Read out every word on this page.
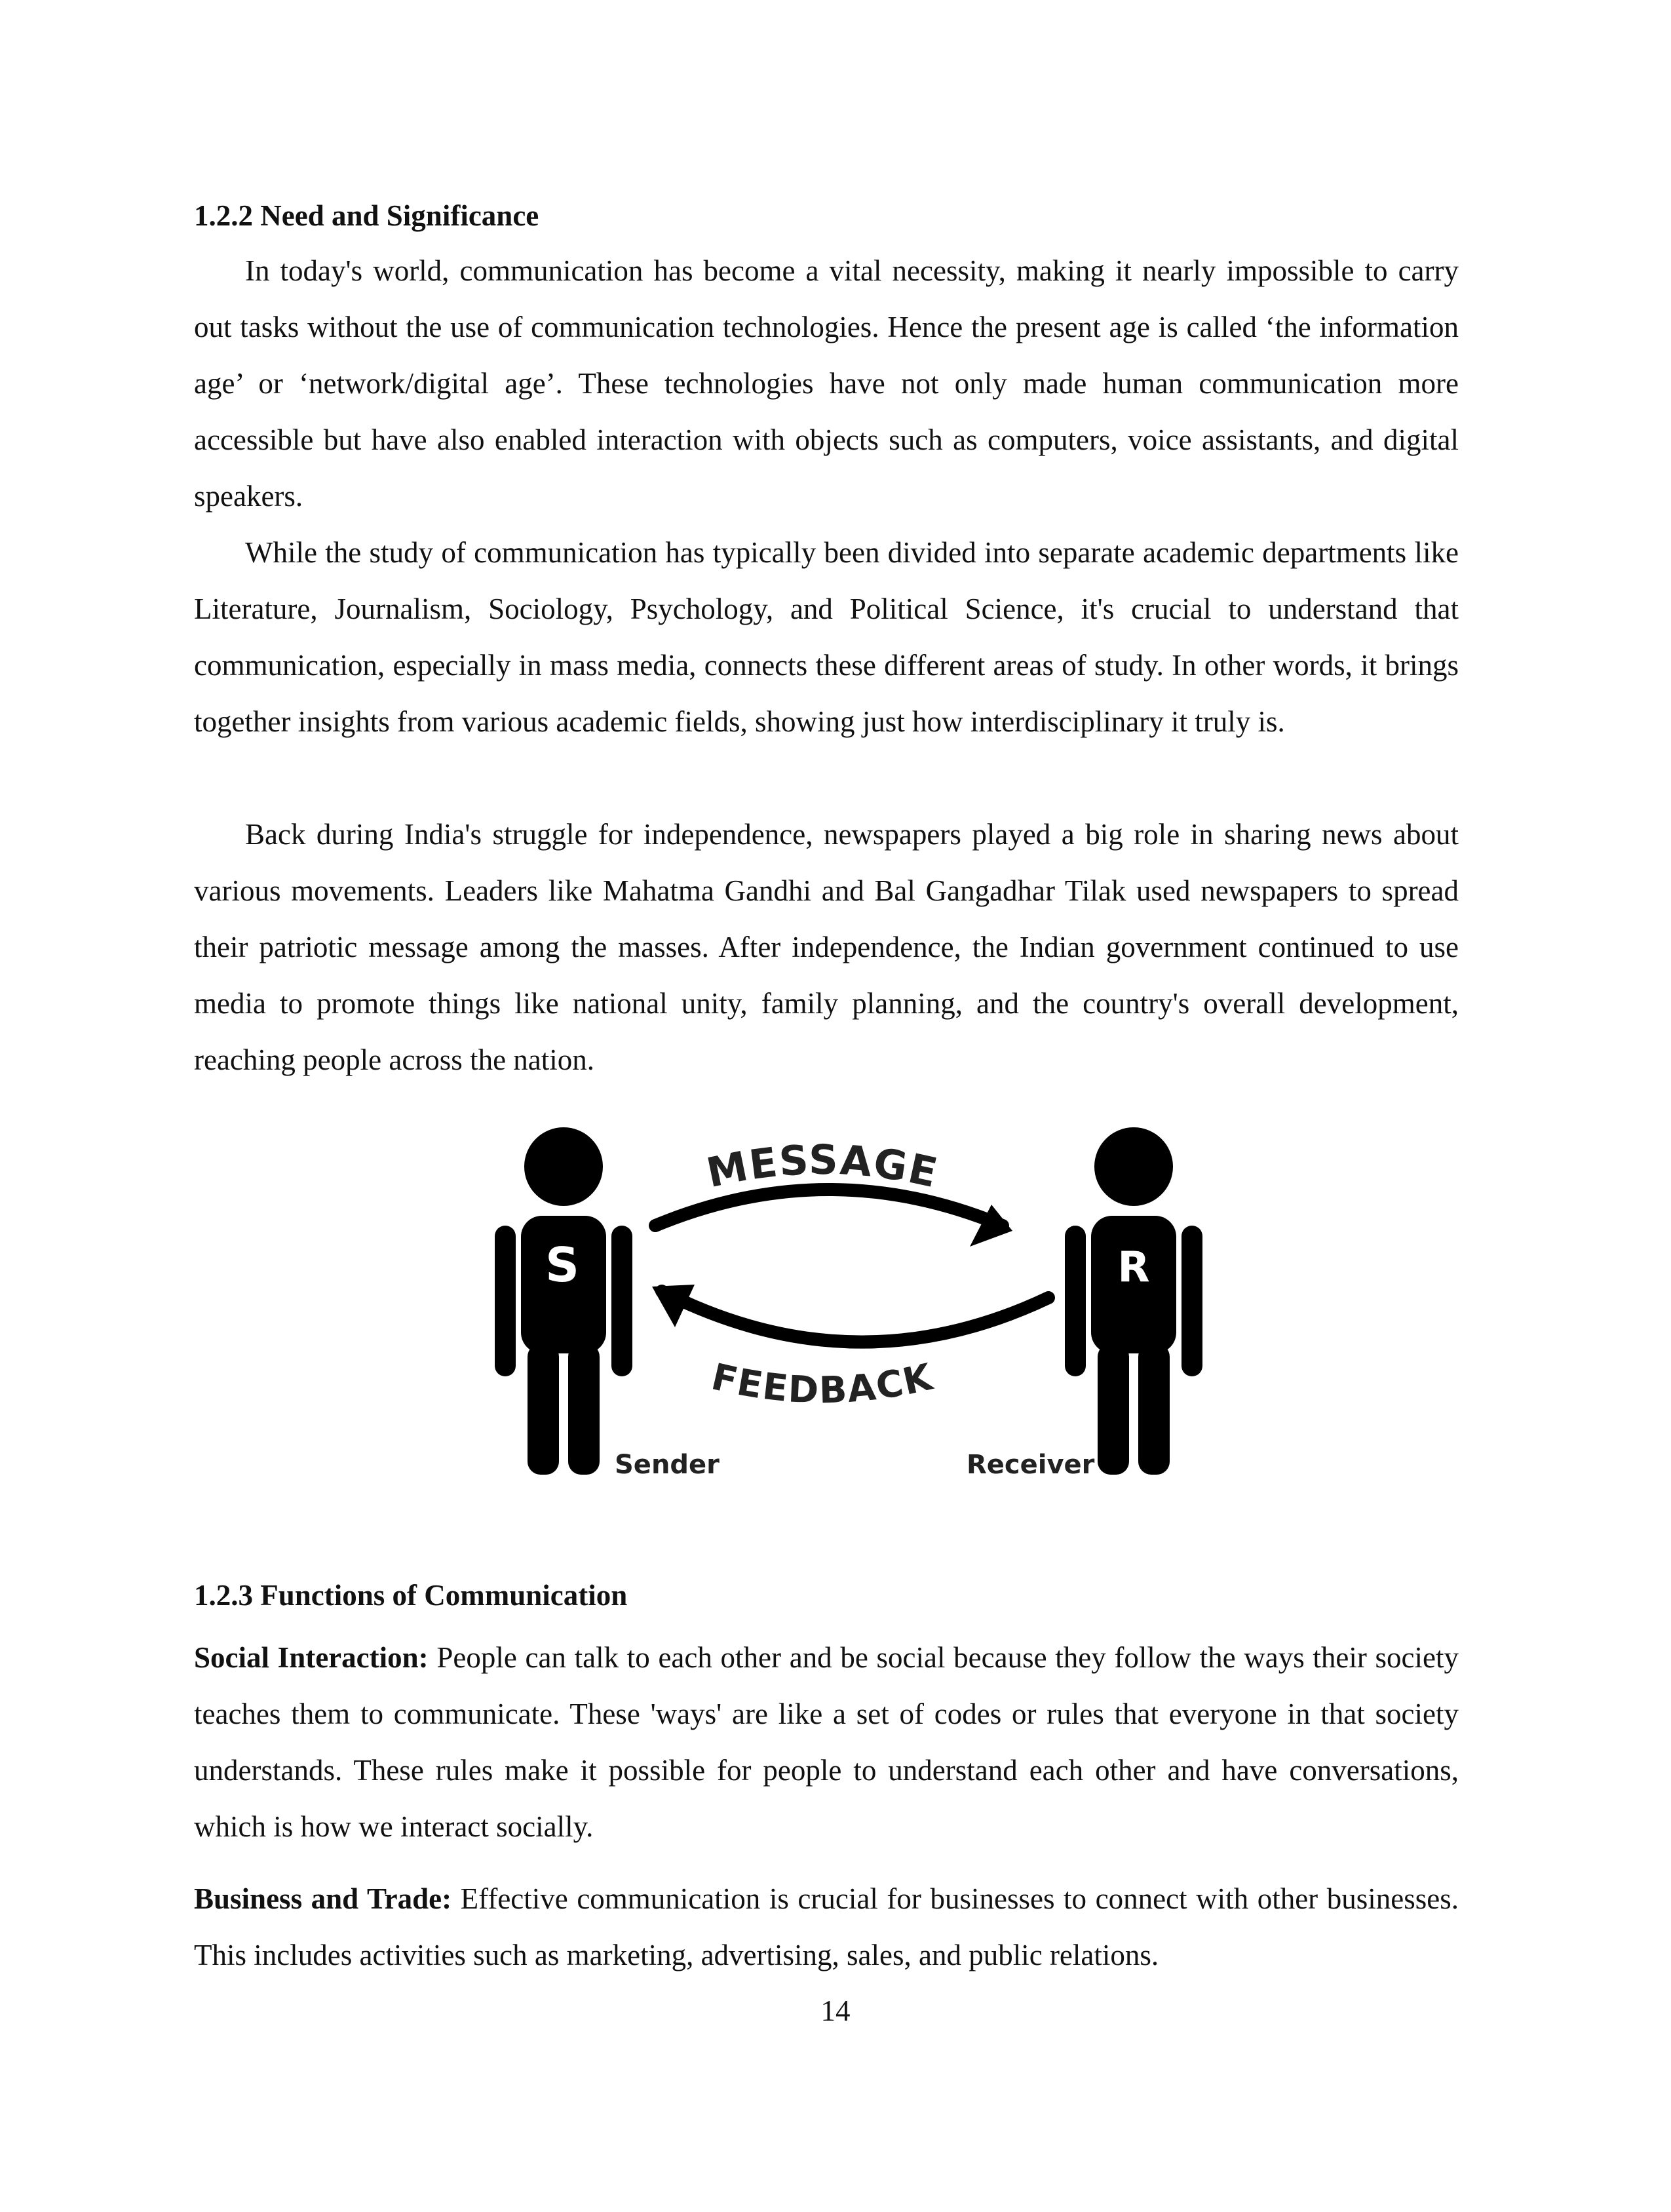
1.2.2 Need and Significance

In today's world, communication has become a vital necessity, making it nearly impossible to carry out tasks without the use of communication technologies. Hence the present age is called ‘the information age’ or ‘network/digital age’. These technologies have not only made human communication more accessible but have also enabled interaction with objects such as computers, voice assistants, and digital speakers.

While the study of communication has typically been divided into separate academic departments like Literature, Journalism, Sociology, Psychology, and Political Science, it's crucial to understand that communication, especially in mass media, connects these different areas of study. In other words, it brings together insights from various academic fields, showing just how interdisciplinary it truly is.

Back during India's struggle for independence, newspapers played a big role in sharing news about various movements. Leaders like Mahatma Gandhi and Bal Gangadhar Tilak used newspapers to spread their patriotic message among the masses. After independence, the Indian government continued to use media to promote things like national unity, family planning, and the country's overall development, reaching people across the nation.

1.2.3 Functions of Communication

Social Interaction: People can talk to each other and be social because they follow the ways their society teaches them to communicate. These 'ways' are like a set of codes or rules that everyone in that society understands. These rules make it possible for people to understand each other and have conversations, which is how we interact socially.

Business and Trade: Effective communication is crucial for businesses to connect with other businesses. This includes activities such as marketing, advertising, sales, and public relations.

S	R
MESSAGE
FEEDBACK
Sender	Receiver
14
